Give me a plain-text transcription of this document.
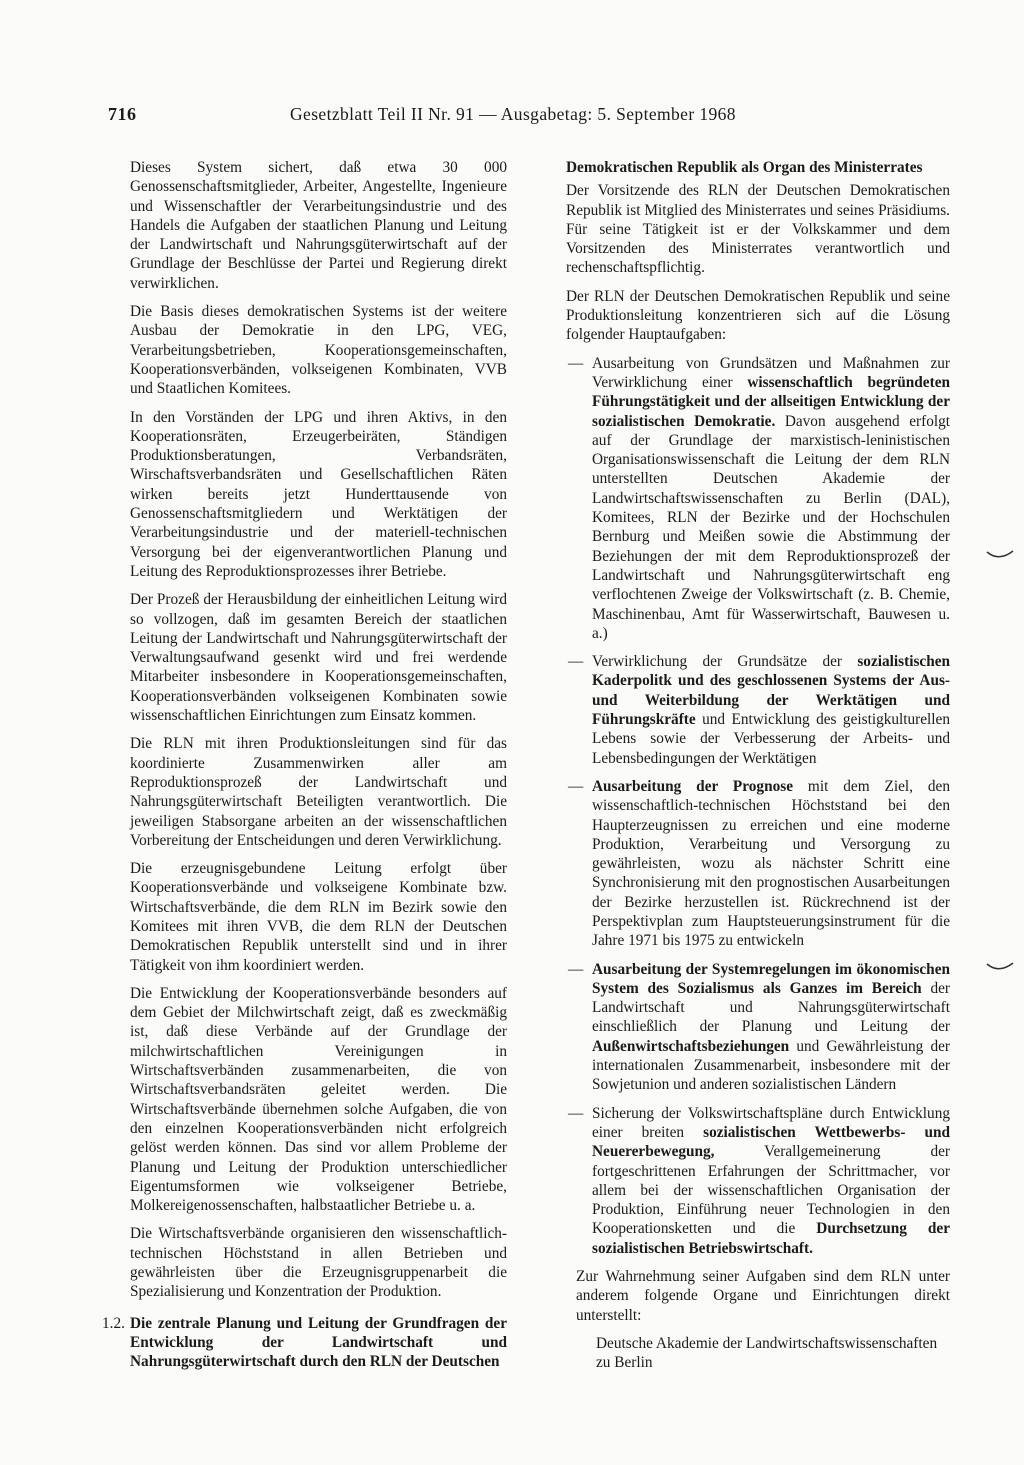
716	Gesetzblatt Teil II Nr. 91 — Ausgabetag: 5. September 1968

Dieses System sichert, daß etwa 30 000 Genossenschaftsmitglieder, Arbeiter, Angestellte, Ingenieure und Wissenschaftler der Verarbeitungsindustrie und des Handels die Aufgaben der staatlichen Planung und Leitung der Landwirtschaft und Nahrungsgüterwirtschaft auf der Grundlage der Beschlüsse der Partei und Regierung direkt verwirklichen.

Die Basis dieses demokratischen Systems ist der weitere Ausbau der Demokratie in den LPG, VEG, Verarbeitungsbetrieben, Kooperationsgemeinschaften, Kooperationsverbänden, volkseigenen Kombinaten, VVB und Staatlichen Komitees.

In den Vorständen der LPG und ihren Aktivs, in den Kooperationsräten, Erzeugerbeiräten, Ständigen Produktionsberatungen, Verbandsräten, Wirschaftsverbandsräten und Gesellschaftlichen Räten wirken bereits jetzt Hunderttausende von Genossenschaftsmitgliedern und Werktätigen der Verarbeitungsindustrie und der materiell-technischen Versorgung bei der eigenverantwortlichen Planung und Leitung des Reproduktionsprozesses ihrer Betriebe.

Der Prozeß der Herausbildung der einheitlichen Leitung wird so vollzogen, daß im gesamten Bereich der staatlichen Leitung der Landwirtschaft und Nahrungsgüterwirtschaft der Verwaltungsaufwand gesenkt wird und frei werdende Mitarbeiter insbesondere in Kooperationsgemeinschaften, Kooperationsverbänden volkseigenen Kombinaten sowie wissenschaftlichen Einrichtungen zum Einsatz kommen.

Die RLN mit ihren Produktionsleitungen sind für das koordinierte Zusammenwirken aller am Reproduktionsprozeß der Landwirtschaft und Nahrungsgüterwirtschaft Beteiligten verantwortlich. Die jeweiligen Stabsorgane arbeiten an der wissenschaftlichen Vorbereitung der Entscheidungen und deren Verwirklichung.

Die erzeugnisgebundene Leitung erfolgt über Kooperationsverbände und volkseigene Kombinate bzw. Wirtschaftsverbände, die dem RLN im Bezirk sowie den Komitees mit ihren VVB, die dem RLN der Deutschen Demokratischen Republik unterstellt sind und in ihrer Tätigkeit von ihm koordiniert werden.

Die Entwicklung der Kooperationsverbände besonders auf dem Gebiet der Milchwirtschaft zeigt, daß es zweckmäßig ist, daß diese Verbände auf der Grundlage der milchwirtschaftlichen Vereinigungen in Wirtschaftsverbänden zusammenarbeiten, die von Wirtschaftsverbandsräten geleitet werden. Die Wirtschaftsverbände übernehmen solche Aufgaben, die von den einzelnen Kooperationsverbänden nicht erfolgreich gelöst werden können. Das sind vor allem Probleme der Planung und Leitung der Produktion unterschiedlicher Eigentumsformen wie volkseigener Betriebe, Molkereigenossenschaften, halbstaatlicher Betriebe u. a.

Die Wirtschaftsverbände organisieren den wissenschaftlich-technischen Höchststand in allen Betrieben und gewährleisten über die Erzeugnisgruppenarbeit die Spezialisierung und Konzentration der Produktion.

1.2. Die zentrale Planung und Leitung der Grundfragen der Entwicklung der Landwirtschaft und Nahrungsgüterwirtschaft durch den RLN der Deutschen

Demokratischen Republik als Organ des Ministerrates

Der Vorsitzende des RLN der Deutschen Demokratischen Republik ist Mitglied des Ministerrates und seines Präsidiums. Für seine Tätigkeit ist er der Volkskammer und dem Vorsitzenden des Ministerrates verantwortlich und rechenschaftspflichtig.

Der RLN der Deutschen Demokratischen Republik und seine Produktionsleitung konzentrieren sich auf die Lösung folgender Hauptaufgaben:

— Ausarbeitung von Grundsätzen und Maßnahmen zur Verwirklichung einer wissenschaftlich begründeten Führungstätigkeit und der allseitigen Entwicklung der sozialistischen Demokratie. Davon ausgehend erfolgt auf der Grundlage der marxistisch-leninistischen Organisationswissenschaft die Leitung der dem RLN unterstellten Deutschen Akademie der Landwirtschaftswissenschaften zu Berlin (DAL), Komitees, RLN der Bezirke und der Hochschulen Bernburg und Meißen sowie die Abstimmung der Beziehungen der mit dem Reproduktionsprozeß der Landwirtschaft und Nahrungsgüterwirtschaft eng verflochtenen Zweige der Volkswirtschaft (z. B. Chemie, Maschinenbau, Amt für Wasserwirtschaft, Bauwesen u. a.)
— Verwirklichung der Grundsätze der sozialistischen Kaderpolitk und des geschlossenen Systems der Aus- und Weiterbildung der Werktätigen und Führungskräfte und Entwicklung des geistigkulturellen Lebens sowie der Verbesserung der Arbeits- und Lebensbedingungen der Werktätigen
— Ausarbeitung der Prognose mit dem Ziel, den wissenschaftlich-technischen Höchststand bei den Haupterzeugnissen zu erreichen und eine moderne Produktion, Verarbeitung und Versorgung zu gewährleisten, wozu als nächster Schritt eine Synchronisierung mit den prognostischen Ausarbeitungen der Bezirke herzustellen ist. Rückrechnend ist der Perspektivplan zum Hauptsteuerungsinstrument für die Jahre 1971 bis 1975 zu entwickeln
— Ausarbeitung der Systemregelungen im ökonomischen System des Sozialismus als Ganzes im Bereich der Landwirtschaft und Nahrungsgüterwirtschaft einschließlich der Planung und Leitung der Außenwirtschaftsbeziehungen und Gewährleistung der internationalen Zusammenarbeit, insbesondere mit der Sowjetunion und anderen sozialistischen Ländern
— Sicherung der Volkswirtschaftspläne durch Entwicklung einer breiten sozialistischen Wettbewerbs- und Neuererbewegung, Verallgemeinerung der fortgeschrittenen Erfahrungen der Schrittmacher, vor allem bei der wissenschaftlichen Organisation der Produktion, Einführung neuer Technologien in den Kooperationsketten und die Durchsetzung der sozialistischen Betriebswirtschaft.

Zur Wahrnehmung seiner Aufgaben sind dem RLN unter anderem folgende Organe und Einrichtungen direkt unterstellt:

Deutsche Akademie der Landwirtschaftswissenschaften zu Berlin
